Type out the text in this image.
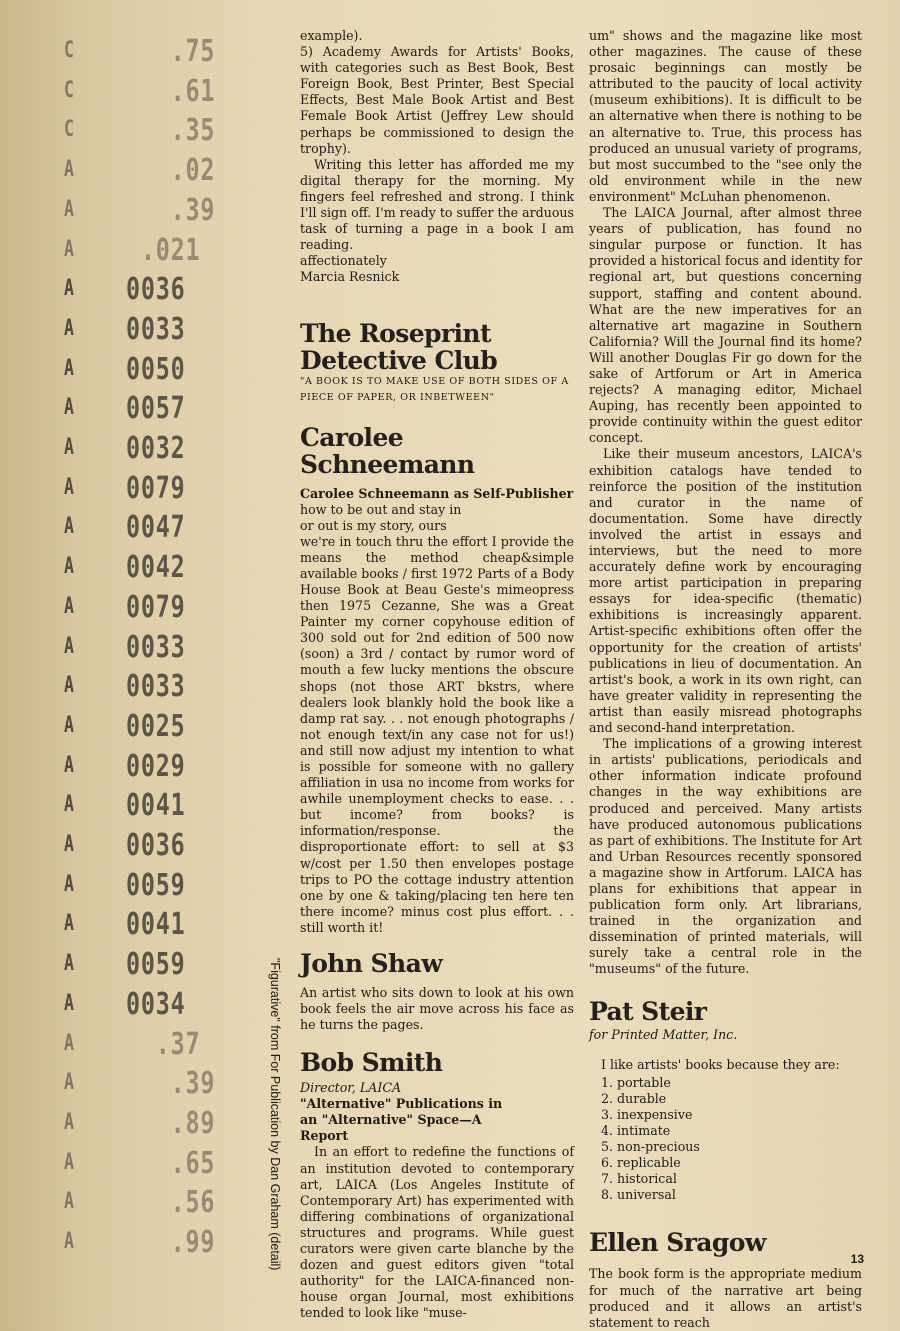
C .75
C .61
C .35
A .02
A .39
A .021
A 0036
A 0033
A 0050
A 0057
A 0032
A 0079
A 0047
A 0042
A 0079
A 0033
A 0033
A 0025
A 0029
A 0041
A 0036
A 0059
A 0041
A 0059
A 0034
A .37
A .39
A .89
A .65
A .56
A .99	"Figurative" from For Publication by Dan Graham (detail)

example).

5) Academy Awards for Artists' Books, with categories such as Best Book, Best Foreign Book, Best Printer, Best Special Effects, Best Male Book Artist and Best Female Book Artist (Jeffrey Lew should perhaps be commissioned to design the trophy).

Writing this letter has afforded me my digital therapy for the morning. My fingers feel refreshed and strong. I think I'll sign off. I'm ready to suffer the arduous task of turning a page in a book I am reading.

affectionately

Marcia Resnick

The Roseprint Detective Club

"A BOOK IS TO MAKE USE OF BOTH SIDES OF A PIECE OF PAPER, OR INBETWEEN"

Carolee Schneemann

Carolee Schneemann as Self-Publisher

how to be out and stay in

or out is my story, ours

we're in touch thru the effort I provide the means the method cheap&simple available books / first 1972 Parts of a Body House Book at Beau Geste's mimeopress then 1975 Cezanne, She was a Great Painter my corner copyhouse edition of 300 sold out for 2nd edition of 500 now (soon) a 3rd / contact by rumor word of mouth a few lucky mentions the obscure shops (not those ART bkstrs, where dealers look blankly hold the book like a damp rat say. . . not enough photographs / not enough text/in any case not for us!) and still now adjust my intention to what is possible for someone with no gallery affiliation in usa no income from works for awhile unemployment checks to ease. . . but income? from books? is information/response. the disproportionate effort: to sell at $3 w/cost per 1.50 then envelopes postage trips to PO the cottage industry attention one by one & taking/placing ten here ten there income? minus cost plus effort. . . still worth it!

John Shaw

An artist who sits down to look at his own book feels the air move across his face as he turns the pages.

Bob Smith

Director, LAICA

"Alternative" Publications in an "Alternative" Space—A Report

In an effort to redefine the functions of an institution devoted to contemporary art, LAICA (Los Angeles Institute of Contemporary Art) has experimented with differing combinations of organizational structures and programs. While guest curators were given carte blanche by the dozen and guest editors given "total authority" for the LAICA-financed non-house organ Journal, most exhibitions tended to look like "muse-

um" shows and the magazine like most other magazines. The cause of these prosaic beginnings can mostly be attributed to the paucity of local activity (museum exhibitions). It is difficult to be an alternative when there is nothing to be an alternative to. True, this process has produced an unusual variety of programs, but most succumbed to the "see only the old environment while in the new environment" McLuhan phenomenon.

The LAICA Journal, after almost three years of publication, has found no singular purpose or function. It has provided a historical focus and identity for regional art, but questions concerning support, staffing and content abound. What are the new imperatives for an alternative art magazine in Southern California? Will the Journal find its home? Will another Douglas Fir go down for the sake of Artforum or Art in America rejects? A managing editor, Michael Auping, has recently been appointed to provide continuity within the guest editor concept.

Like their museum ancestors, LAICA's exhibition catalogs have tended to reinforce the position of the institution and curator in the name of documentation. Some have directly involved the artist in essays and interviews, but the need to more accurately define work by encouraging more artist participation in preparing essays for idea-specific (thematic) exhibitions is increasingly apparent. Artist-specific exhibitions often offer the opportunity for the creation of artists' publications in lieu of documentation. An artist's book, a work in its own right, can have greater validity in representing the artist than easily misread photographs and second-hand interpretation.

The implications of a growing interest in artists' publications, periodicals and other information indicate profound changes in the way exhibitions are produced and perceived. Many artists have produced autonomous publications as part of exhibitions. The Institute for Art and Urban Resources recently sponsored a magazine show in Artforum. LAICA has plans for exhibitions that appear in publication form only. Art librarians, trained in the organization and dissemination of printed materials, will surely take a central role in the "museums" of the future.

Pat Steir

for Printed Matter, Inc.

I like artists' books because they are:

1. portable
2. durable
3. inexpensive
4. intimate
5. non-precious
6. replicable
7. historical
8. universal
Ellen Sragow

The book form is the appropriate medium for much of the narrative art being produced and it allows an artist's statement to reach

13
